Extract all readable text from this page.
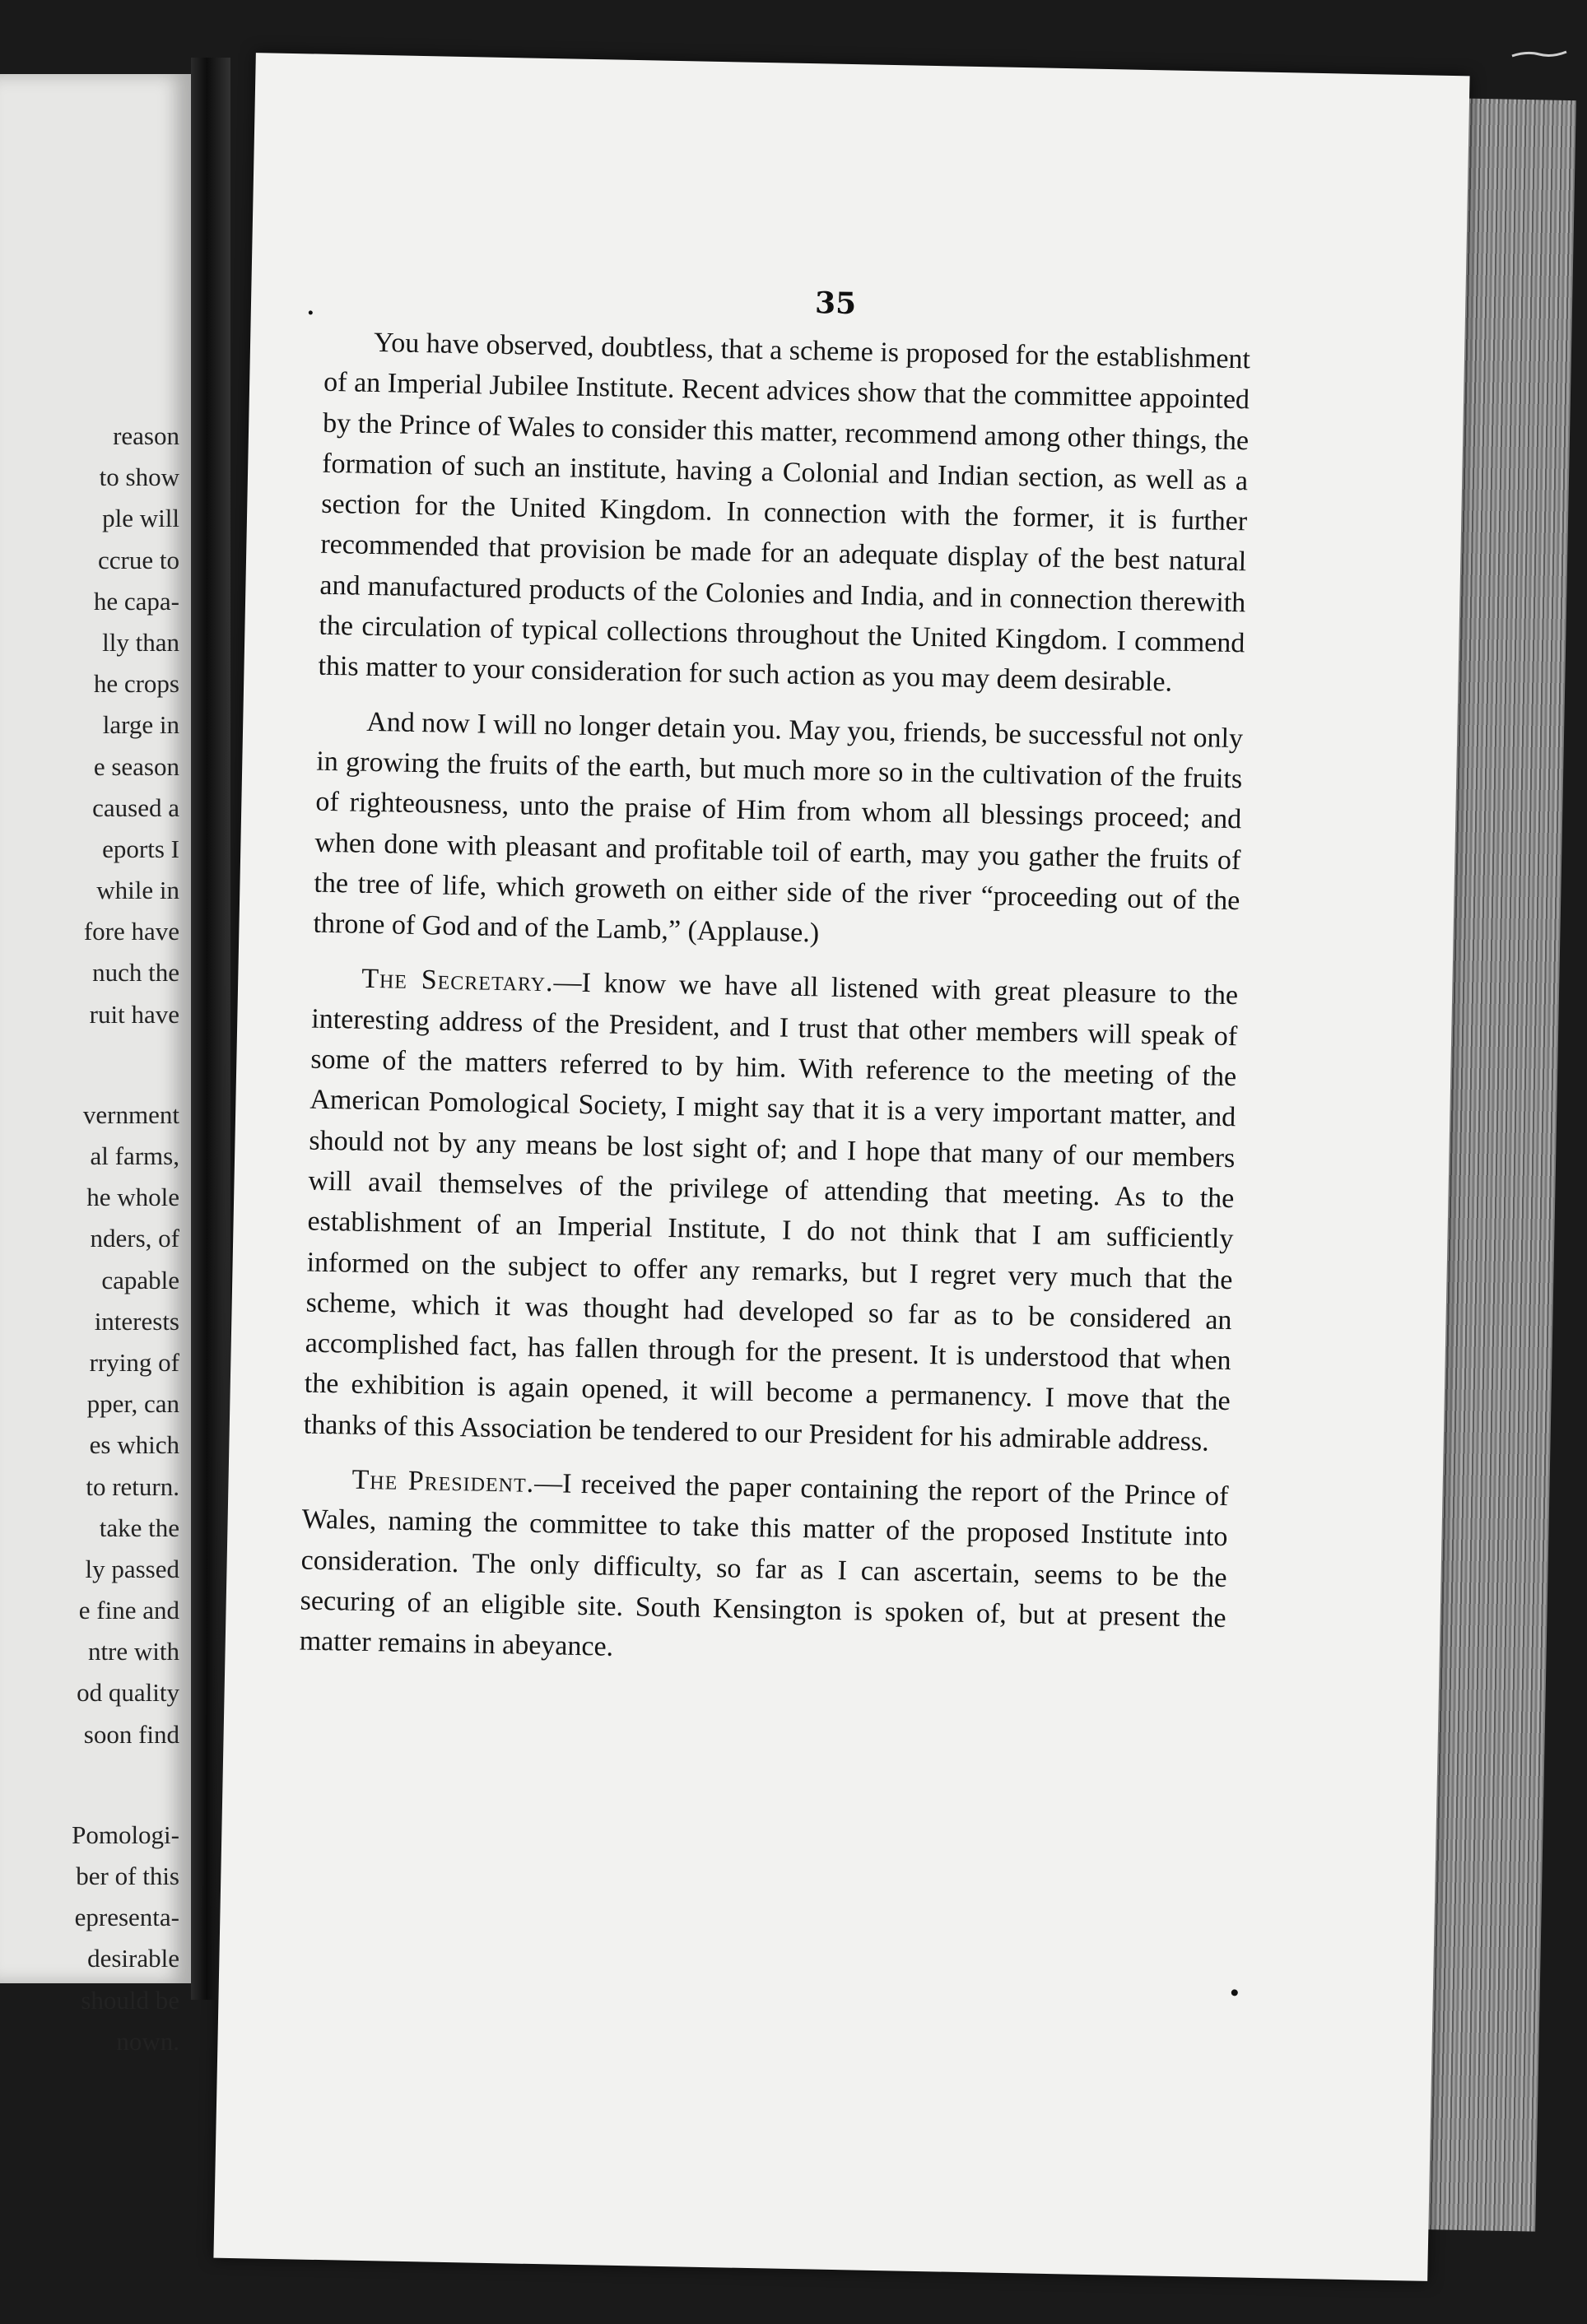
reason
to show
ple will
ccrue to
he capa-
lly than
he crops
large in
e season
caused a
eports I
while in
fore have
nuch the
ruit have
vernment
al farms,
he whole
nders, of
capable
interests
rrying of
pper, can
es which
to return.
take the
ly passed
e fine and
ntre with
od quality
soon find
Pomologi-
ber of this
epresenta-
desirable
should be
nown.
35

You have observed, doubtless, that a scheme is proposed for the establishment of an Imperial Jubilee Institute. Recent advices show that the committee appointed by the Prince of Wales to consider this matter, recommend among other things, the formation of such an institute, having a Colonial and Indian section, as well as a section for the United Kingdom. In connection with the former, it is further recommended that provision be made for an adequate display of the best natural and manufactured products of the Colonies and India, and in connection therewith the circulation of typical collections throughout the United Kingdom. I commend this matter to your consideration for such action as you may deem desirable.

And now I will no longer detain you. May you, friends, be successful not only in growing the fruits of the earth, but much more so in the cultivation of the fruits of righteousness, unto the praise of Him from whom all blessings proceed; and when done with pleasant and profitable toil of earth, may you gather the fruits of the tree of life, which groweth on either side of the river “proceeding out of the throne of God and of the Lamb,” (Applause.)

The Secretary.—I know we have all listened with great pleasure to the interesting address of the President, and I trust that other members will speak of some of the matters referred to by him. With reference to the meeting of the American Pomological Society, I might say that it is a very important matter, and should not by any means be lost sight of; and I hope that many of our members will avail themselves of the privilege of attending that meeting. As to the establishment of an Imperial Institute, I do not think that I am sufficiently informed on the subject to offer any remarks, but I regret very much that the scheme, which it was thought had developed so far as to be considered an accomplished fact, has fallen through for the present. It is understood that when the exhibition is again opened, it will become a permanency. I move that the thanks of this Association be tendered to our President for his admirable address.

The President.—I received the paper containing the report of the Prince of Wales, naming the committee to take this matter of the proposed Institute into consideration. The only difficulty, so far as I can ascertain, seems to be the securing of an eligible site. South Kensington is spoken of, but at present the matter remains in abeyance.
